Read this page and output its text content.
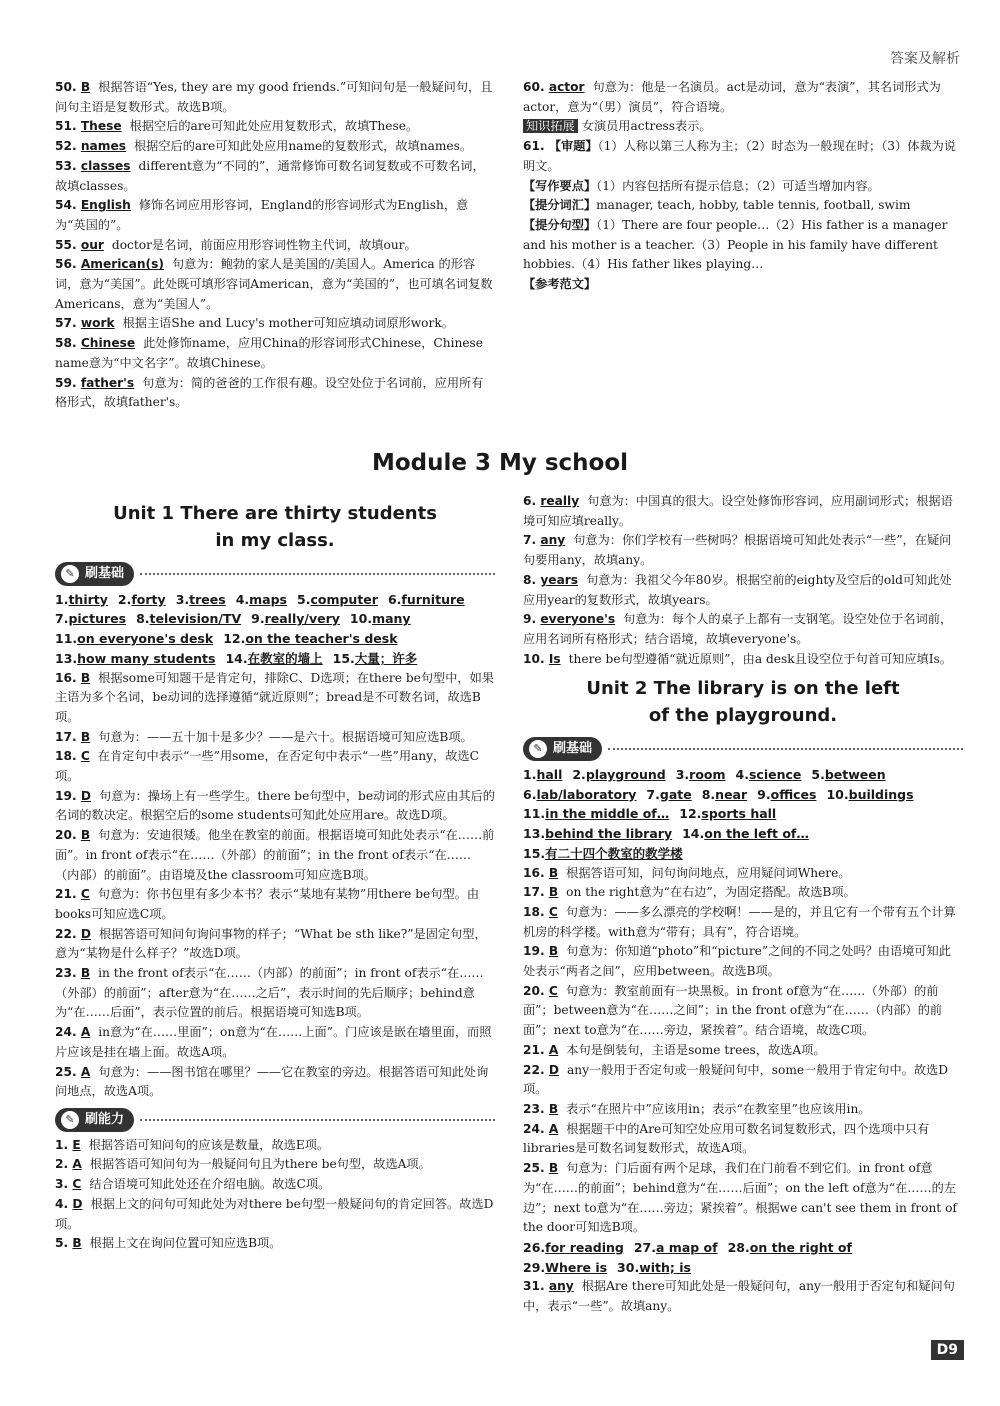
答案及解析

50. B 根据答语“Yes, they are my good friends.”可知问句是一般疑问句，且问句主语是复数形式。故选B项。

51. These 根据空后的are可知此处应用复数形式，故填These。

52. names 根据空后的are可知此处应用name的复数形式，故填names。

53. classes different意为“不同的”，通常修饰可数名词复数或不可数名词，故填classes。

54. English 修饰名词应用形容词，England的形容词形式为English，意为“英国的”。

55. our doctor是名词，前面应用形容词性物主代词，故填our。

56. American(s) 句意为：鲍勃的家人是美国的/美国人。America 的形容词，意为“美国”。此处既可填形容词American，意为“美国的”，也可填名词复数Americans，意为“美国人”。

57. work 根据主语She and Lucy's mother可知应填动词原形work。

58. Chinese 此处修饰name，应用China的形容词形式Chinese，Chinese name意为“中文名字”。故填Chinese。

59. father's 句意为：简的爸爸的工作很有趣。设空处位于名词前，应用所有格形式，故填father's。

60. actor 句意为：他是一名演员。act是动词，意为“表演”，其名词形式为actor，意为“（男）演员”，符合语境。

知识拓展 女演员用actress表示。

61. 【审题】（1）人称以第三人称为主；（2）时态为一般现在时；（3）体裁为说明文。

【写作要点】（1）内容包括所有提示信息；（2）可适当增加内容。

【提分词汇】manager, teach, hobby, table tennis, football, swim

【提分句型】（1）There are four people…（2）His father is a manager and his mother is a teacher.（3）People in his family have different hobbies.（4）His father likes playing…

【参考范文】

Module 3 My school
Unit 1 There are thirty students
in my class.
✎ 刷基础
1.thirty 2.forty 3.trees 4.maps 5.computer 6.furniture
7.pictures 8.television/TV 9.really/very 10.many
11.on everyone's desk 12.on the teacher's desk
13.how many students 14.在教室的墙上 15.大量；许多

16. B 根据some可知题干是肯定句，排除C、D选项；在there be句型中，如果主语为多个名词，be动词的选择遵循“就近原则”；bread是不可数名词，故选B项。

17. B 句意为：——五十加十是多少？——是六十。根据语境可知应选B项。

18. C 在肯定句中表示“一些”用some，在否定句中表示“一些”用any，故选C项。

19. D 句意为：操场上有一些学生。there be句型中，be动词的形式应由其后的名词的数决定。根据空后的some students可知此处应用are。故选D项。

20. B 句意为：安迪很矮。他坐在教室的前面。根据语境可知此处表示“在……前面”。in front of表示“在……（外部）的前面”；in the front of表示“在……（内部）的前面”。由语境及the classroom可知应选B项。

21. C 句意为：你书包里有多少本书？表示“某地有某物”用there be句型。由books可知应选C项。

22. D 根据答语可知问句询问事物的样子；“What be sth like?”是固定句型，意为“某物是什么样子？”故选D项。

23. B in the front of表示“在……（内部）的前面”；in front of表示“在……（外部）的前面”；after意为“在……之后”，表示时间的先后顺序；behind意为“在……后面”，表示位置的前后。根据语境可知选B项。

24. A in意为“在……里面”；on意为“在……上面”。门应该是嵌在墙里面，而照片应该是挂在墙上面。故选A项。

25. A 句意为：——图书馆在哪里？——它在教室的旁边。根据答语可知此处询问地点，故选A项。

✎ 刷能力

1. E 根据答语可知问句的应该是数量，故选E项。

2. A 根据答语可知问句为一般疑问句且为there be句型，故选A项。

3. C 结合语境可知此处还在介绍电脑。故选C项。

4. D 根据上文的问句可知此处为对there be句型一般疑问句的肯定回答。故选D项。

5. B 根据上文在询问位置可知应选B项。

6. really 句意为：中国真的很大。设空处修饰形容词，应用副词形式；根据语境可知应填really。

7. any 句意为：你们学校有一些树吗？根据语境可知此处表示“一些”，在疑问句要用any，故填any。

8. years 句意为：我祖父今年80岁。根据空前的eighty及空后的old可知此处应用year的复数形式，故填years。

9. everyone's 句意为：每个人的桌子上都有一支钢笔。设空处位于名词前，应用名词所有格形式；结合语境，故填everyone's。

10. Is there be句型遵循“就近原则”，由a desk且设空位于句首可知应填Is。

Unit 2 The library is on the left
of the playground.
✎ 刷基础
1.hall 2.playground 3.room 4.science 5.between
6.lab/laboratory 7.gate 8.near 9.offices 10.buildings
11.in the middle of… 12.sports hall
13.behind the library 14.on the left of…
15.有二十四个教室的教学楼

16. B 根据答语可知，问句询问地点，应用疑问词Where。

17. B on the right意为“在右边”，为固定搭配。故选B项。

18. C 句意为：——多么漂亮的学校啊！——是的，并且它有一个带有五个计算机房的科学楼。with意为“带有；具有”，符合语境。

19. B 句意为：你知道“photo”和“picture”之间的不同之处吗？由语境可知此处表示“两者之间”，应用between。故选B项。

20. C 句意为：教室前面有一块黑板。in front of意为“在……（外部）的前面”；between意为“在……之间”；in the front of意为“在……（内部）的前面”；next to意为“在……旁边，紧挨着”。结合语境，故选C项。

21. A 本句是倒装句，主语是some trees，故选A项。

22. D any一般用于否定句或一般疑问句中，some一般用于肯定句中。故选D项。

23. B 表示“在照片中”应该用in；表示“在教室里”也应该用in。

24. A 根据题干中的Are可知空处应用可数名词复数形式，四个选项中只有libraries是可数名词复数形式，故选A项。

25. B 句意为：门后面有两个足球，我们在门前看不到它们。in front of意为“在……的前面”；behind意为“在……后面”；on the left of意为“在……的左边”；next to意为“在……旁边；紧挨着”。根据we can't see them in front of the door可知选B项。

26.for reading 27.a map of 28.on the right of
29.Where is 30.with; is

31. any 根据Are there可知此处是一般疑问句，any一般用于否定句和疑问句中，表示“一些”。故填any。

D9
